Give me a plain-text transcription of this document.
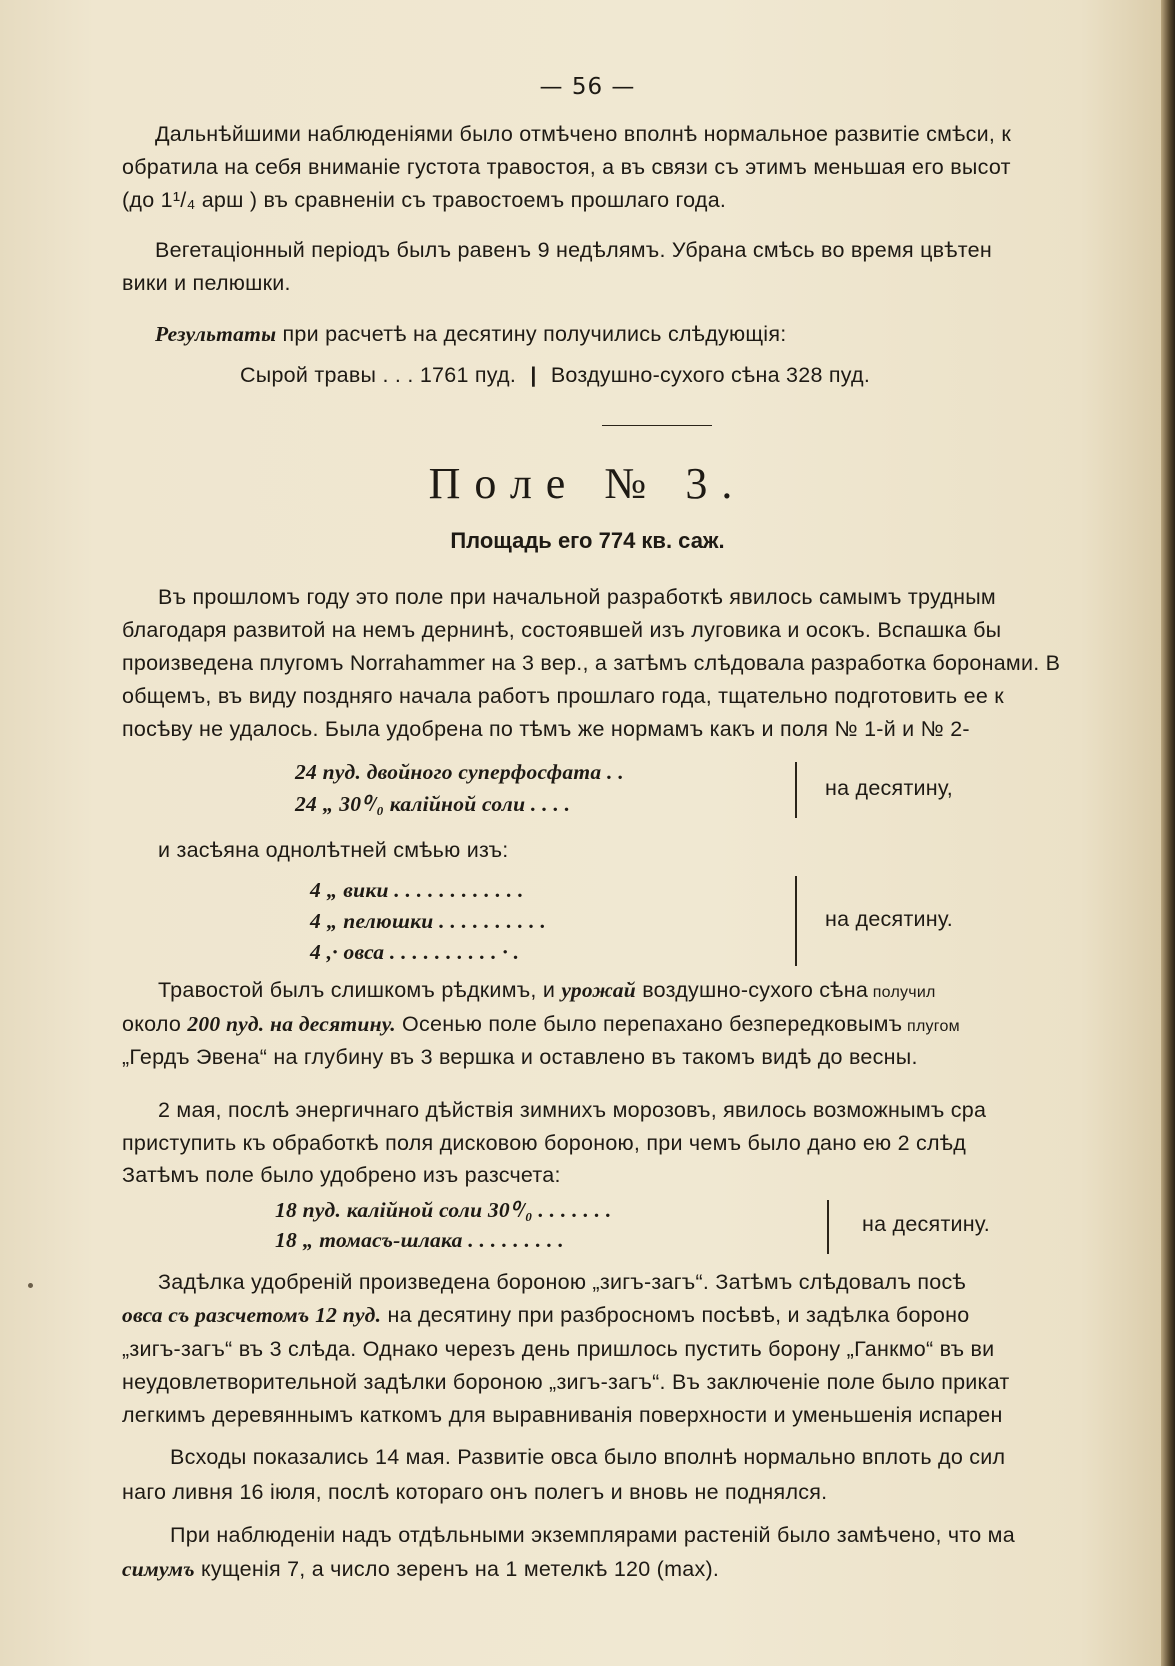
— 56 —
Дальнѣйшими наблюденіями было отмѣчено вполнѣ нормальное развитіе смѣси, к
обратила на себя вниманіе густота травостоя, а въ связи съ этимъ меньшая его высот
(до 1¹/₄ арш ) въ сравненіи съ травостоемъ прошлаго года.
Вегетаціонный періодъ былъ равенъ 9 недѣлямъ. Убрана смѣсь во время цвѣтен
вики и пелюшки.
Результаты при расчетѣ на десятину получились слѣдующія:
Сырой травы . . . 1761 пуд. | Воздушно-сухого сѣна 328 пуд.
Поле № 3.
Площадь его 774 кв. саж.
Въ прошломъ году это поле при начальной разработкѣ явилось самымъ трудным
благодаря развитой на немъ дернинѣ, состоявшей изъ луговика и осокъ. Вспашка бы
произведена плугомъ Norrahammer на 3 вер., а затѣмъ слѣдовала разработка боронами. В
общемъ, въ виду поздняго начала работъ прошлаго года, тщательно подготовить ее к
посѣву не удалось. Была удобрена по тѣмъ же нормамъ какъ и поля № 1-й и № 2-
24 пуд. двойного суперфосфата . .
24 „ 30⁰/₀ калійной соли . . . .
на десятину,
и засѣяна однолѣтней смѣью изъ:
4 „ вики . . . . . . . . . . . .
4 „ пелюшки . . . . . . . . . .
4 ,· овса . . . . . . . . . . · .
на десятину.
Травостой былъ слишкомъ рѣдкимъ, и урожай воздушно-сухого сѣна получил
около 200 пуд. на десятину. Осенью поле было перепахано безпередковымъ плугом
„Гердъ Эвена“ на глубину въ 3 вершка и оставлено въ такомъ видѣ до весны.
2 мая, послѣ энергичнаго дѣйствія зимнихъ морозовъ, явилось возможнымъ сра
приступить къ обработкѣ поля дисковою бороною, при чемъ было дано ею 2 слѣд
Затѣмъ поле было удобрено изъ разсчета:
18 пуд. калійной соли 30⁰/₀ . . . . . . .
18 „ томасъ-шлака . . . . . . . . .
на десятину.
Задѣлка удобреній произведена бороною „зигъ-загъ“. Затѣмъ слѣдовалъ посѣ
овса съ разсчетомъ 12 пуд. на десятину при разбросномъ посѣвѣ, и задѣлка бороно
„зигъ-загъ“ въ 3 слѣда. Однако черезъ день пришлось пустить борону „Ганкмо“ въ ви
неудовлетворительной задѣлки бороною „зигъ-загъ“. Въ заключеніе поле было прикат
легкимъ деревяннымъ каткомъ для выравниванія поверхности и уменьшенія испарен
Всходы показались 14 мая. Развитіе овса было вполнѣ нормально вплоть до сил
наго ливня 16 іюля, послѣ котораго онъ полегъ и вновь не поднялся.
При наблюденіи надъ отдѣльными экземплярами растеній было замѣчено, что ма
симумъ кущенія 7, а число зеренъ на 1 метелкѣ 120 (max).
